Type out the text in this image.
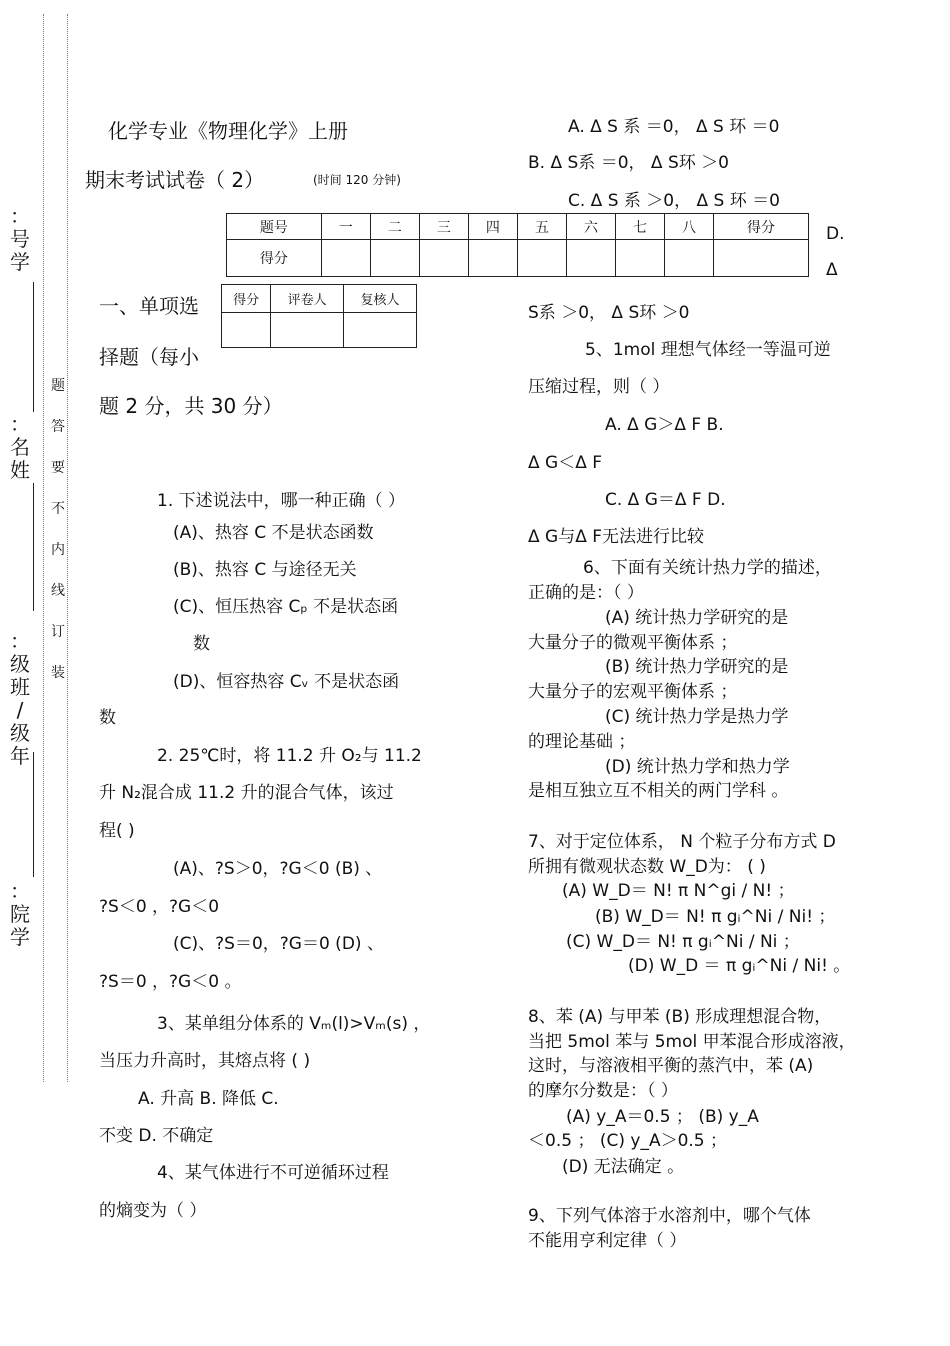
：
号
学
：
名
姓
：
级
班
/
级
年
：
院
学
题
答
要
不
内
线
订
装
化学专业《物理化学》上册
期末考试试卷（ 2）	(时间 120 分钟)
题号	一	二	三	四	五	六	七	八	得分
得分									
得分	评卷人	复核人

一、单项选
择题（每小
题 2 分，共 30 分）
1. 下述说法中，哪一种正确（ ）
(A)、热容 C 不是状态函数
(B)、热容 C 与途径无关
(C)、恒压热容 Cₚ 不是状态函
数
(D)、恒容热容 Cᵥ 不是状态函
数
2. 25℃时，将 11.2 升 O₂与 11.2
升 N₂混合成 11.2 升的混合气体，该过
程( )
(A)、?S＞0，?G＜0 (B) 、
?S＜0 ，?G＜0
(C)、?S＝0，?G＝0 (D) 、
?S＝0 ，?G＜0 。
3、某单组分体系的 Vₘ(l)>Vₘ(s) ，
当压力升高时，其熔点将 ( )
A. 升高 B. 降低 C.
不变 D. 不确定
4、某气体进行不可逆循环过程
的熵变为（ ）
A. Δ S 系 ＝0， Δ S 环 ＝0
B. Δ S系 ＝0， Δ S环 ＞0
C. Δ S 系 ＞0， Δ S 环 ＝0
D.
Δ
S系 ＞0， Δ S环 ＞0
5、1mol 理想气体经一等温可逆
压缩过程，则（ ）
A. Δ G＞Δ F B.
Δ G＜Δ F
C. Δ G＝Δ F D.
Δ G与Δ F无法进行比较
6、下面有关统计热力学的描述，
正确的是：（ ）
(A) 统计热力学研究的是
大量分子的微观平衡体系 ；
(B) 统计热力学研究的是
大量分子的宏观平衡体系 ；
(C) 统计热力学是热力学
的理论基础 ；
(D) 统计热力学和热力学
是相互独立互不相关的两门学科 。
7、对于定位体系， N 个粒子分布方式 D
所拥有微观状态数 W_D为： ( )
(A) W_D＝ N! π N^gi / N! ；
(B) W_D＝ N! π gᵢ^Ni / Ni! ；
(C) W_D＝ N! π gᵢ^Ni / Ni ；
(D) W_D ＝ π gᵢ^Ni / Ni! 。
8、苯 (A) 与甲苯 (B) 形成理想混合物，
当把 5mol 苯与 5mol 甲苯混合形成溶液，
这时，与溶液相平衡的蒸汽中，苯 (A)
的摩尔分数是：（ ）
(A) y_A＝0.5 ； (B) y_A
＜0.5 ； (C) y_A＞0.5 ；
(D) 无法确定 。
9、下列气体溶于水溶剂中，哪个气体
不能用亨利定律（ ）
